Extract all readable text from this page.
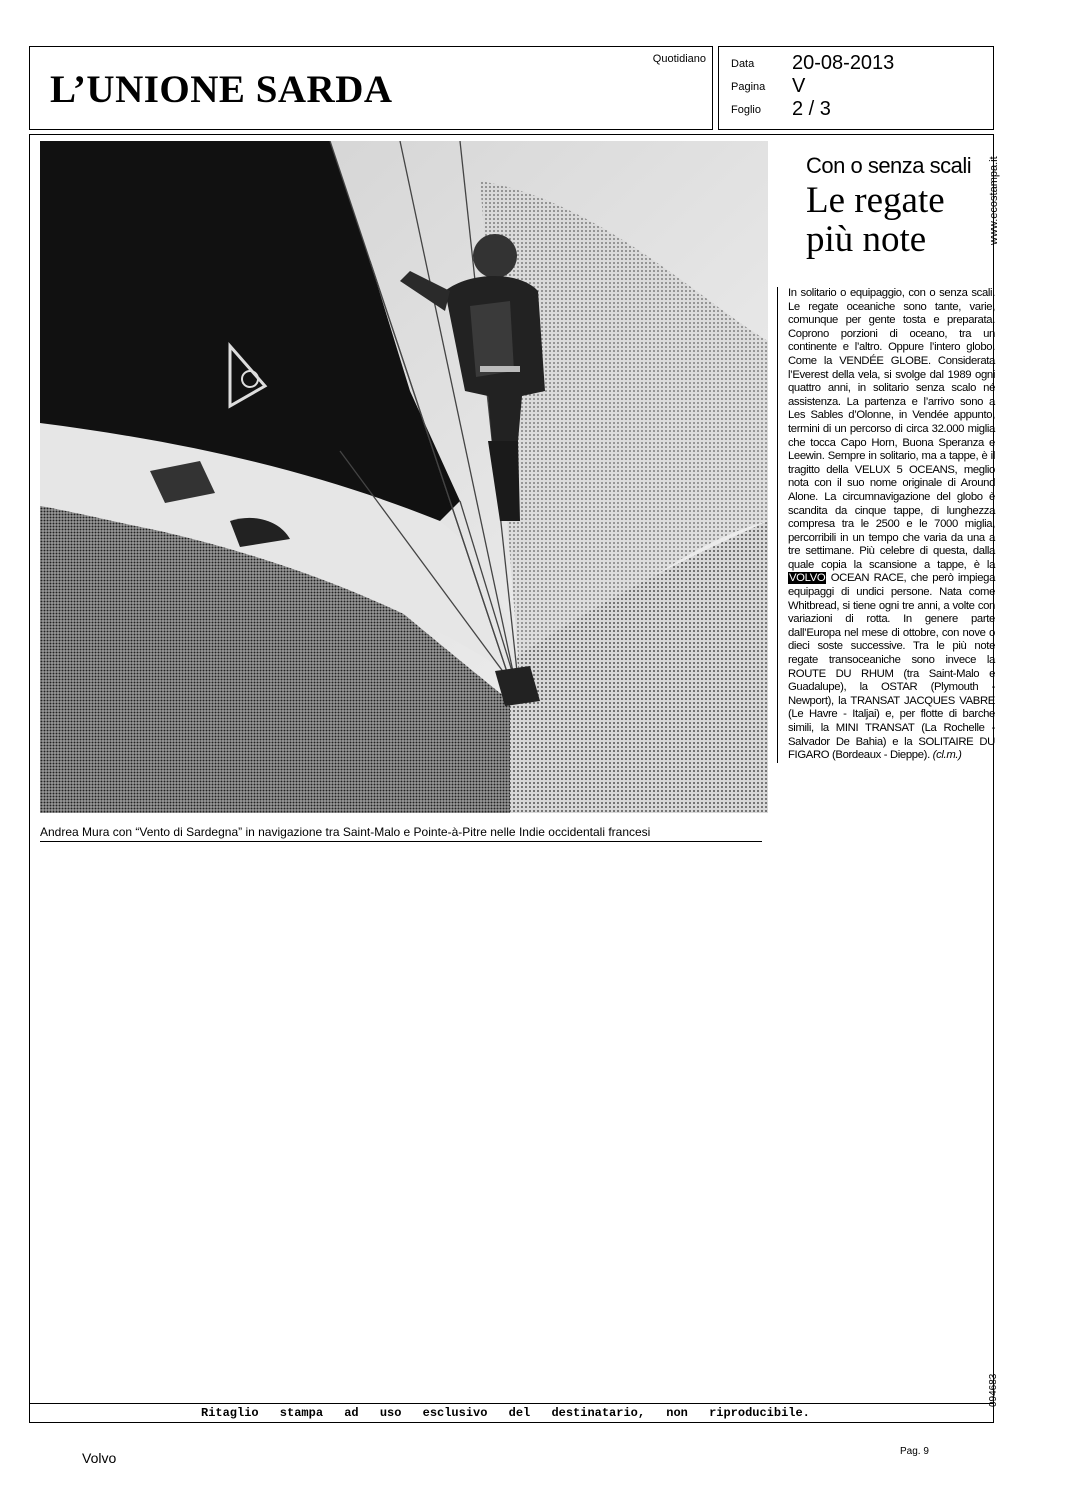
L’UNIONE SARDA
Quotidiano Data 20-08-2013
Pagina V
Foglio 2 / 3
Andrea Mura con “Vento di Sardegna” in navigazione tra Saint-Malo e Pointe-à-Pitre nelle Indie occidentali francesi
Con o senza scali
Le regate più note
In solitario o equipaggio, con o senza scali. Le regate oceaniche sono tante, varie, comunque per gente tosta e preparata. Coprono porzioni di oceano, tra un continente e l’altro. Oppure l’intero globo. Come la VENDÉE GLOBE. Considerata l’Everest della vela, si svolge dal 1989 ogni quattro anni, in solitario senza scalo né assistenza. La partenza e l’arrivo sono a Les Sables d’Olonne, in Vendée appunto, termini di un percorso di circa 32.000 miglia che tocca Capo Horn, Buona Speranza e Leewin. Sempre in solitario, ma a tappe, è il tragitto della VELUX 5 OCEANS, meglio nota con il suo nome originale di Around Alone. La circumnavigazione del globo è scandita da cinque tappe, di lunghezza compresa tra le 2500 e le 7000 miglia, percorribili in un tempo che varia da una a tre settimane. Più celebre di questa, dalla quale copia la scansione a tappe, è la VOLVO OCEAN RACE, che però impiega equipaggi di undici persone. Nata come Whitbread, si tiene ogni tre anni, a volte con variazioni di rotta. In genere parte dall’Europa nel mese di ottobre, con nove o dieci soste successive. Tra le più note regate transoceaniche sono invece la ROUTE DU RHUM (tra Saint-Malo e Guadalupe), la OSTAR (Plymouth - Newport), la TRANSAT JACQUES VABRE (Le Havre - Italjai) e, per flotte di barche simili, la MINI TRANSAT (La Rochelle - Salvador De Bahia) e la SOLITAIRE DU FIGARO (Bordeaux - Dieppe). (cl.m.)
www.ecostampa.it
094683
Ritaglio stampa ad uso esclusivo del destinatario, non riproducibile.
Volvo	Pag. 9
